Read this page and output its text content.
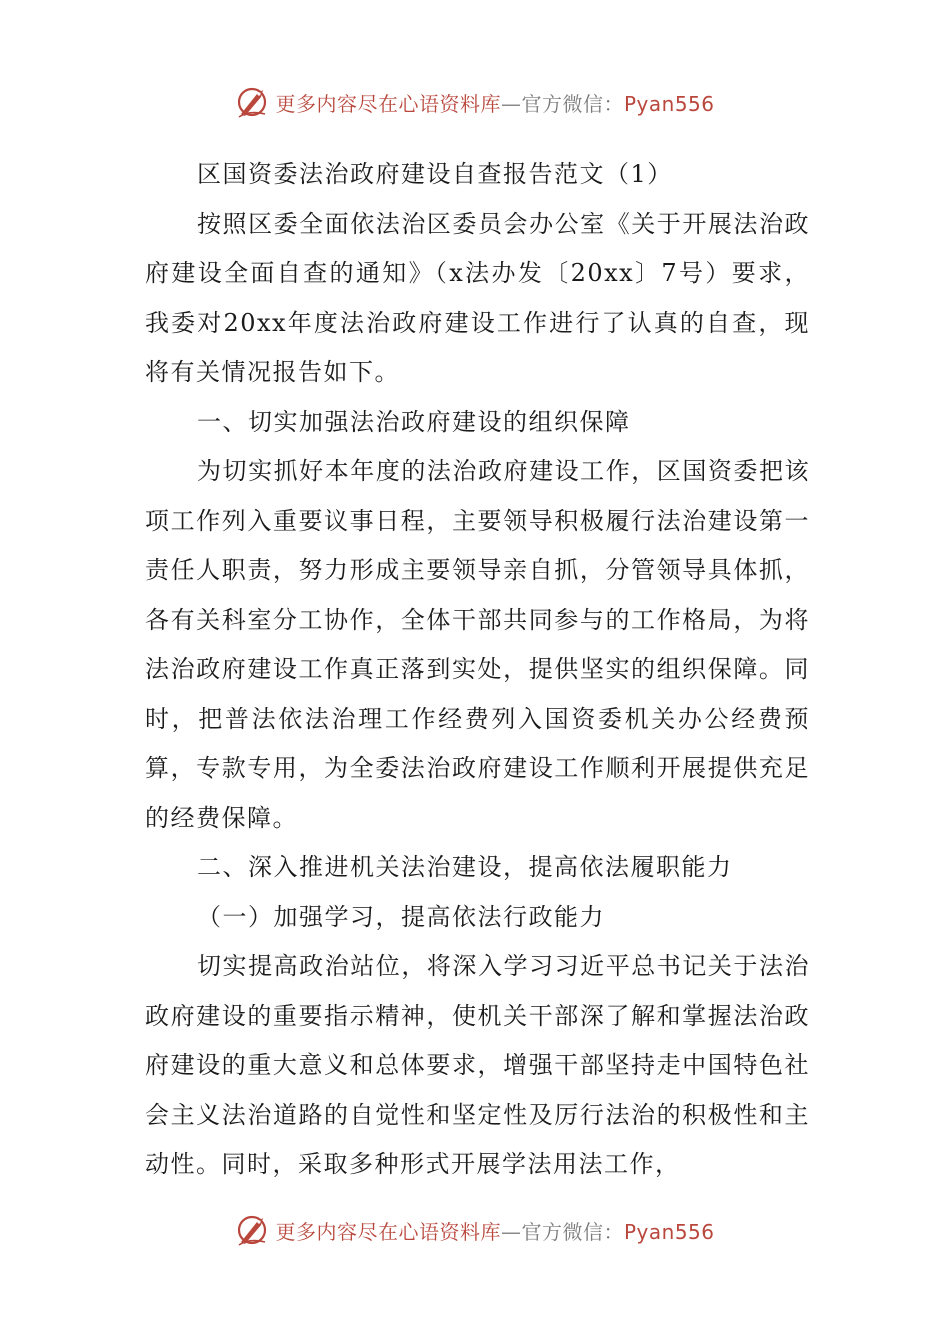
更多内容尽在心语资料库—官方微信：Pyan556

区国资委法治政府建设自查报告范文（1）

按照区委全面依法治区委员会办公室《关于开展法治政府建设全面自查的通知》（x法办发〔20xx〕7号）要求，我委对20xx年度法治政府建设工作进行了认真的自查，现将有关情况报告如下。

一、切实加强法治政府建设的组织保障

为切实抓好本年度的法治政府建设工作，区国资委把该项工作列入重要议事日程，主要领导积极履行法治建设第一责任人职责，努力形成主要领导亲自抓，分管领导具体抓，各有关科室分工协作，全体干部共同参与的工作格局，为将法治政府建设工作真正落到实处，提供坚实的组织保障。同时，把普法依法治理工作经费列入国资委机关办公经费预算，专款专用，为全委法治政府建设工作顺利开展提供充足的经费保障。

二、深入推进机关法治建设，提高依法履职能力

（一）加强学习，提高依法行政能力

切实提高政治站位，将深入学习习近平总书记关于法治政府建设的重要指示精神，使机关干部深了解和掌握法治政府建设的重大意义和总体要求，增强干部坚持走中国特色社会主义法治道路的自觉性和坚定性及厉行法治的积极性和主动性。同时，采取多种形式开展学法用法工作，

更多内容尽在心语资料库—官方微信：Pyan556
